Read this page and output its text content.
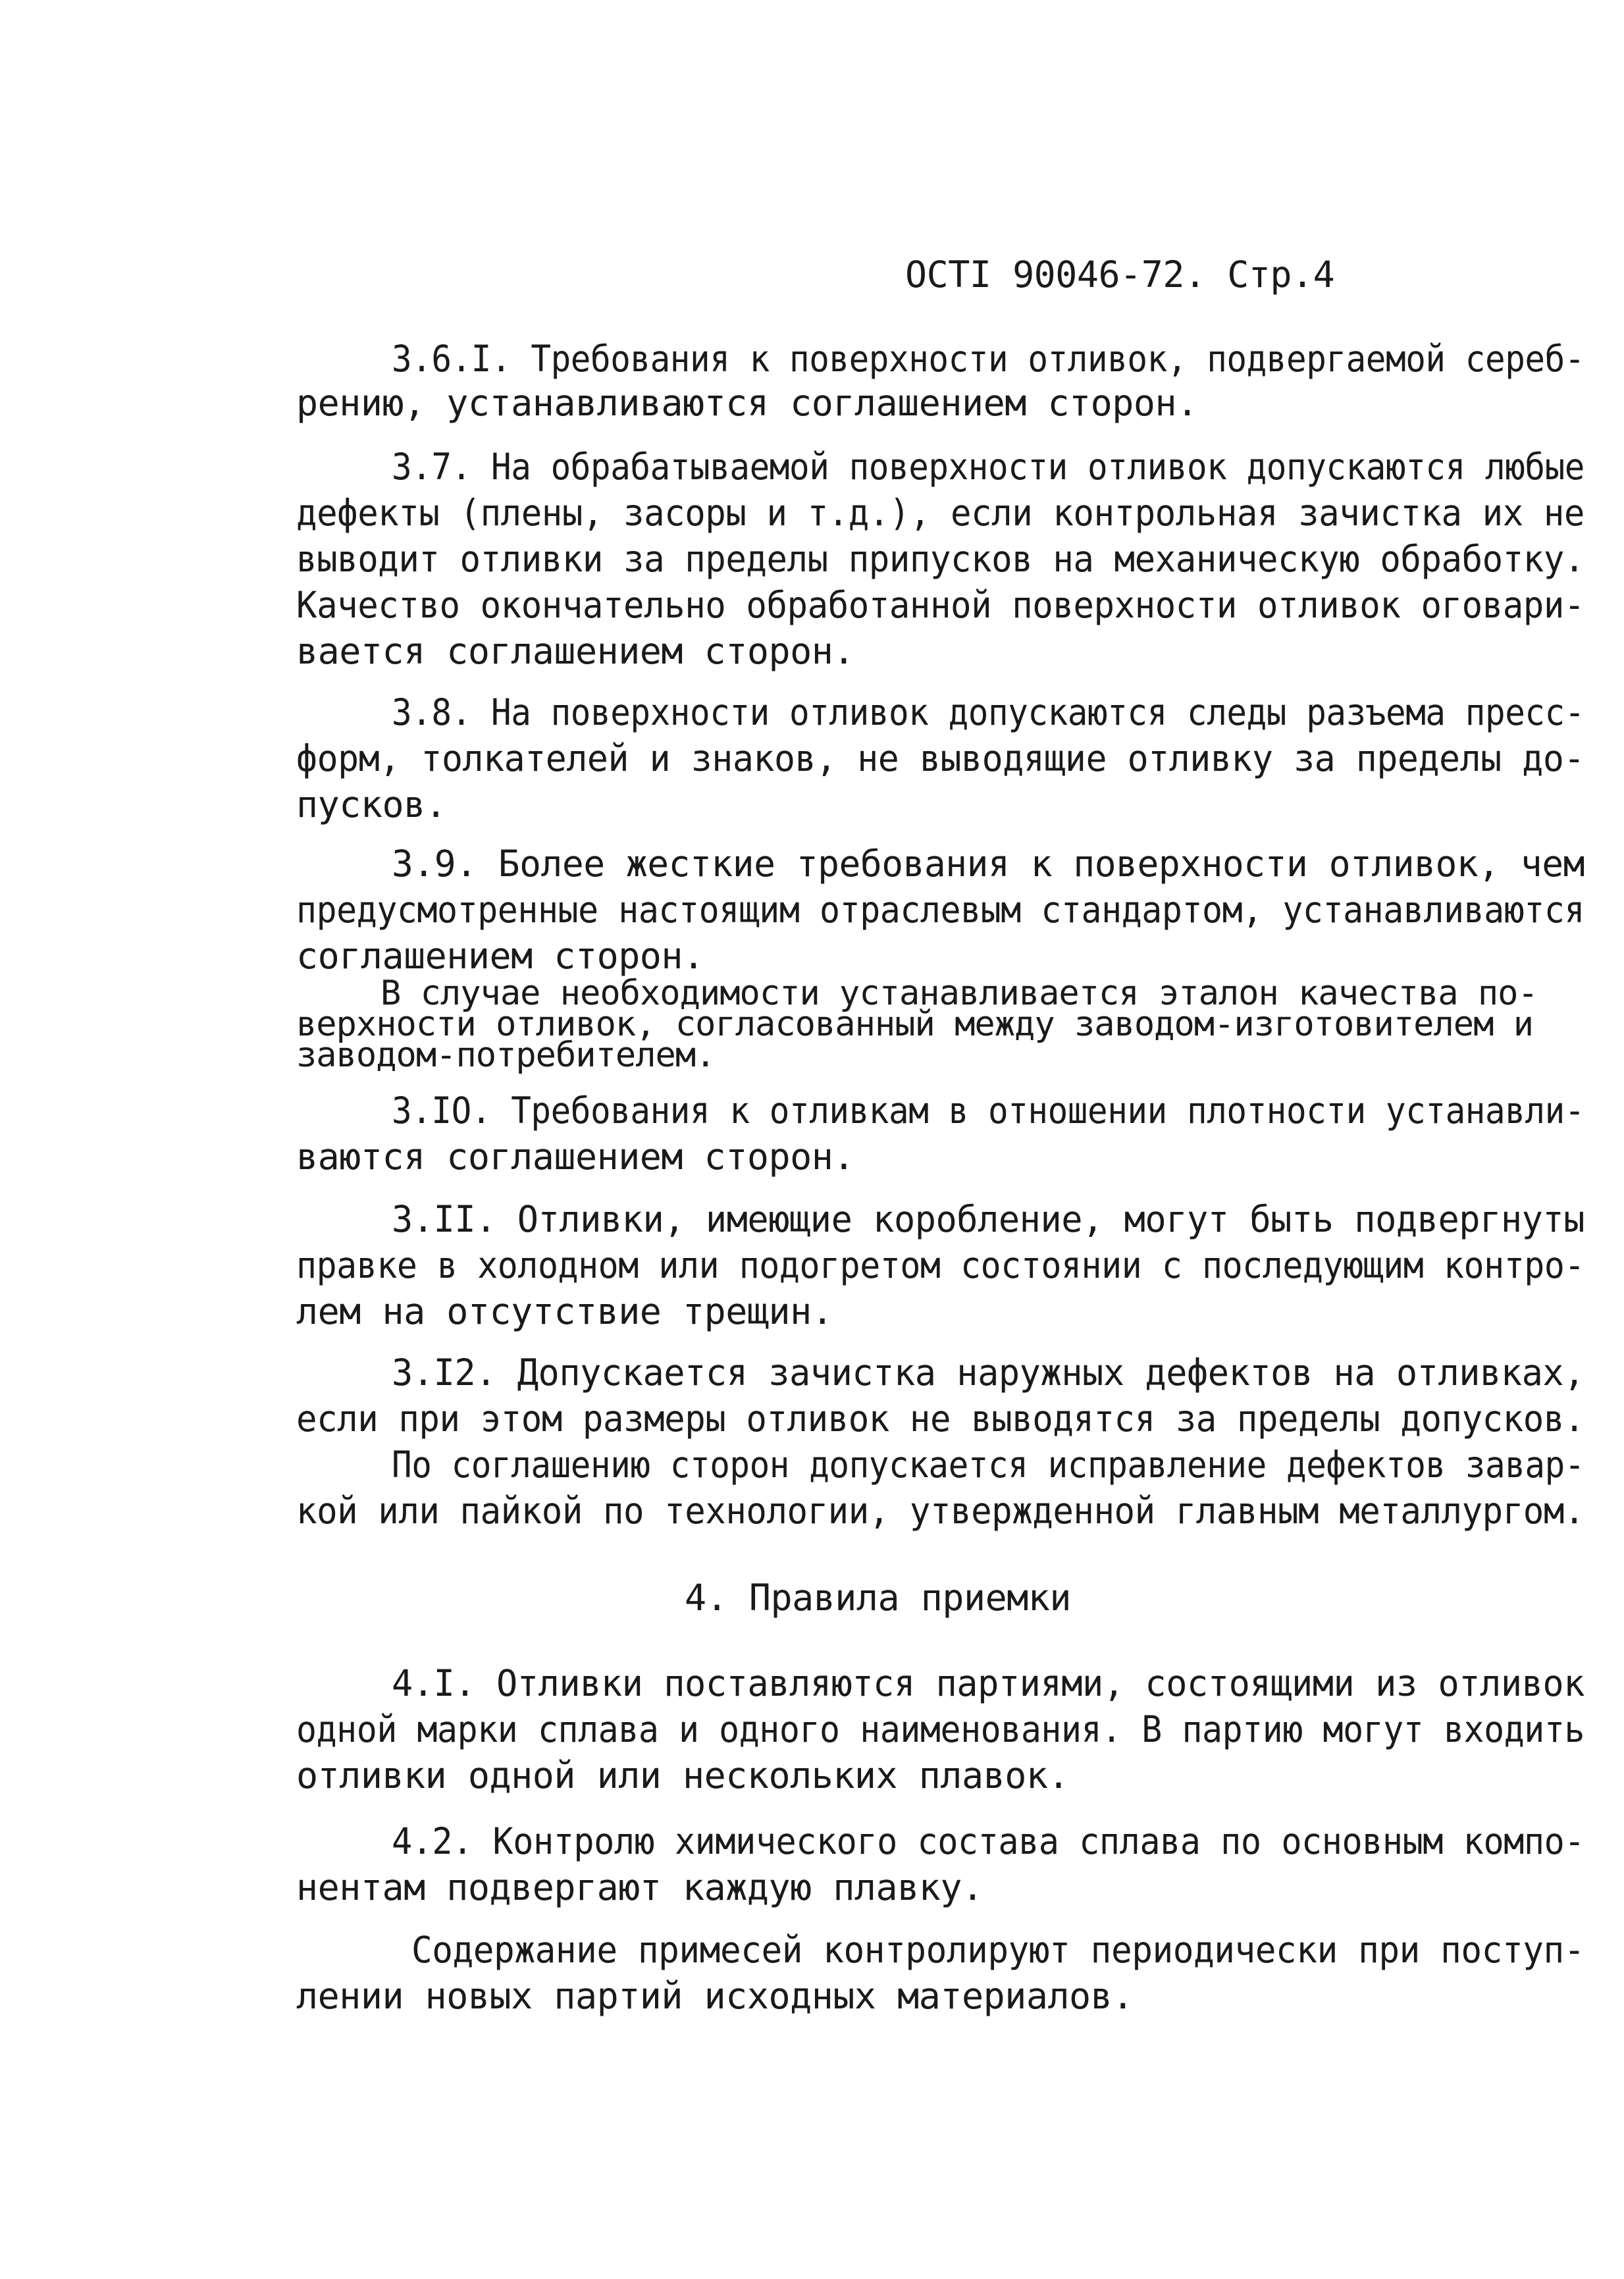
ОСТI 90046-72. Стр.4
3.6.I. Требования к поверхности отливок, подвергаемой сереб-
рению, устанавливаются соглашением сторон.
3.7. На обрабатываемой поверхности отливок допускаются любые
дефекты (плены, засоры и т.д.), если контрольная зачистка их не
выводит отливки за пределы припусков на механическую обработку.
Качество окончательно обработанной поверхности отливок оговари-
вается соглашением сторон.
3.8. На поверхности отливок допускаются следы разъема пресс-
форм, толкателей и знаков, не выводящие отливку за пределы до-
пусков.
3.9. Более жесткие требования к поверхности отливок, чем
предусмотренные настоящим отраслевым стандартом, устанавливаются
соглашением сторон.
В случае необходимости устанавливается эталон качества по-
верхности отливок, согласованный между заводом-изготовителем и
заводом-потребителем.
3.IO. Требования к отливкам в отношении плотности устанавли-
ваются соглашением сторон.
3.II. Отливки, имеющие коробление, могут быть подвергнуты
правке в холодном или подогретом состоянии с последующим контро-
лем на отсутствие трещин.
3.I2. Допускается зачистка наружных дефектов на отливках,
если при этом размеры отливок не выводятся за пределы допусков.
По соглашению сторон допускается исправление дефектов завар-
кой или пайкой по технологии, утвержденной главным металлургом.
4. Правила приемки
4.I. Отливки поставляются партиями, состоящими из отливок
одной марки сплава и одного наименования. В партию могут входить
отливки одной или нескольких плавок.
4.2. Контролю химического состава сплава по основным компо-
нентам подвергают каждую плавку.
Содержание примесей контролируют периодически при поступ-
лении новых партий исходных материалов.
